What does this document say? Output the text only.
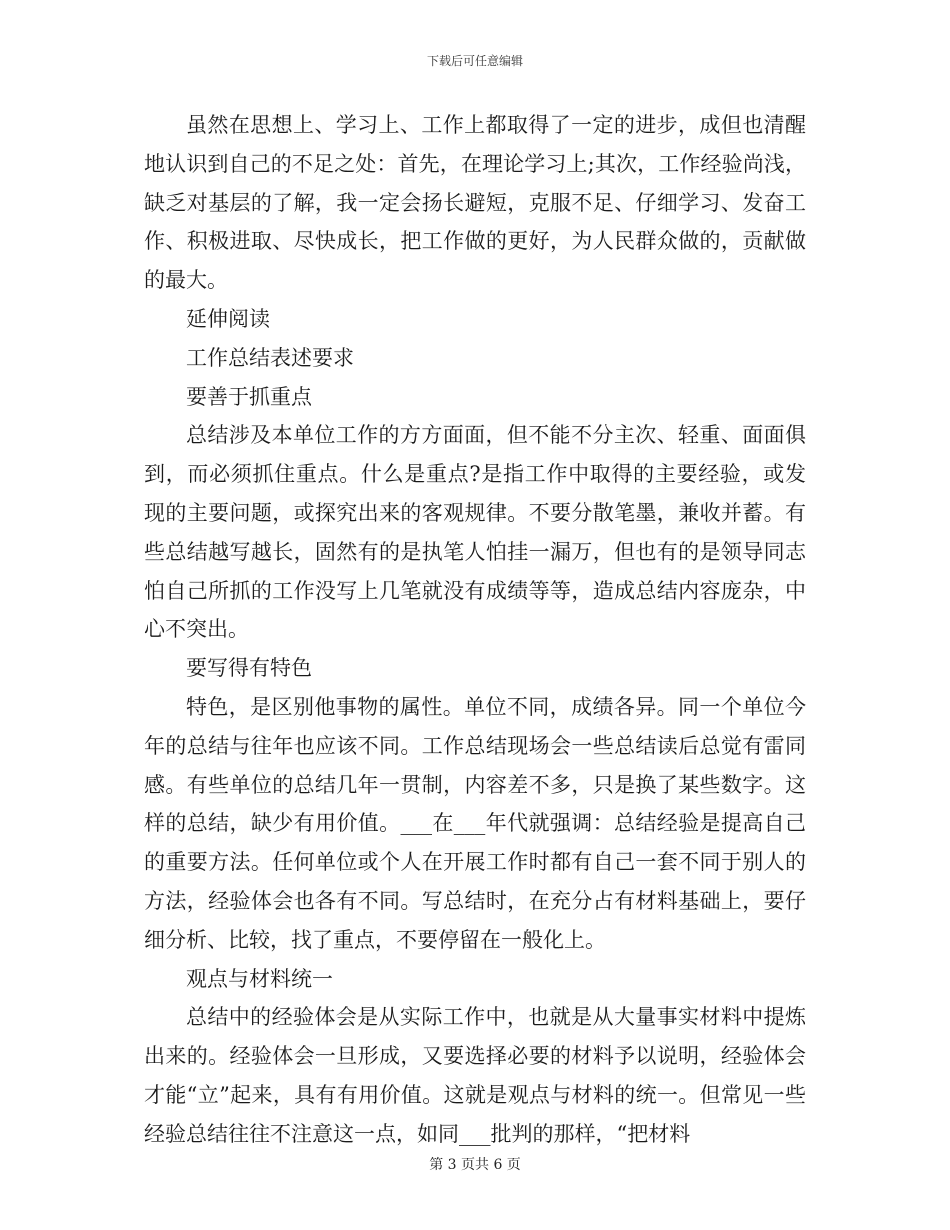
下载后可任意编辑

虽然在思想上、学习上、工作上都取得了一定的进步，成但也清醒地认识到自己的不足之处：首先，在理论学习上;其次，工作经验尚浅，缺乏对基层的了解，我一定会扬长避短，克服不足、仔细学习、发奋工作、积极进取、尽快成长，把工作做的更好，为人民群众做的，贡献做的最大。

延伸阅读

工作总结表述要求

要善于抓重点

总结涉及本单位工作的方方面面，但不能不分主次、轻重、面面俱到，而必须抓住重点。什么是重点?是指工作中取得的主要经验，或发现的主要问题，或探究出来的客观规律。不要分散笔墨，兼收并蓄。有些总结越写越长，固然有的是执笔人怕挂一漏万，但也有的是领导同志怕自己所抓的工作没写上几笔就没有成绩等等，造成总结内容庞杂，中心不突出。

要写得有特色

特色，是区别他事物的属性。单位不同，成绩各异。同一个单位今年的总结与往年也应该不同。工作总结现场会一些总结读后总觉有雷同感。有些单位的总结几年一贯制，内容差不多，只是换了某些数字。这样的总结，缺少有用价值。___在___年代就强调：总结经验是提高自己的重要方法。任何单位或个人在开展工作时都有自己一套不同于别人的方法，经验体会也各有不同。写总结时，在充分占有材料基础上，要仔细分析、比较，找了重点，不要停留在一般化上。

观点与材料统一

总结中的经验体会是从实际工作中，也就是从大量事实材料中提炼出来的。经验体会一旦形成，又要选择必要的材料予以说明，经验体会才能“立”起来，具有有用价值。这就是观点与材料的统一。但常见一些经验总结往往不注意这一点，如同___批判的那样，“把材料

第 3 页共 6 页
